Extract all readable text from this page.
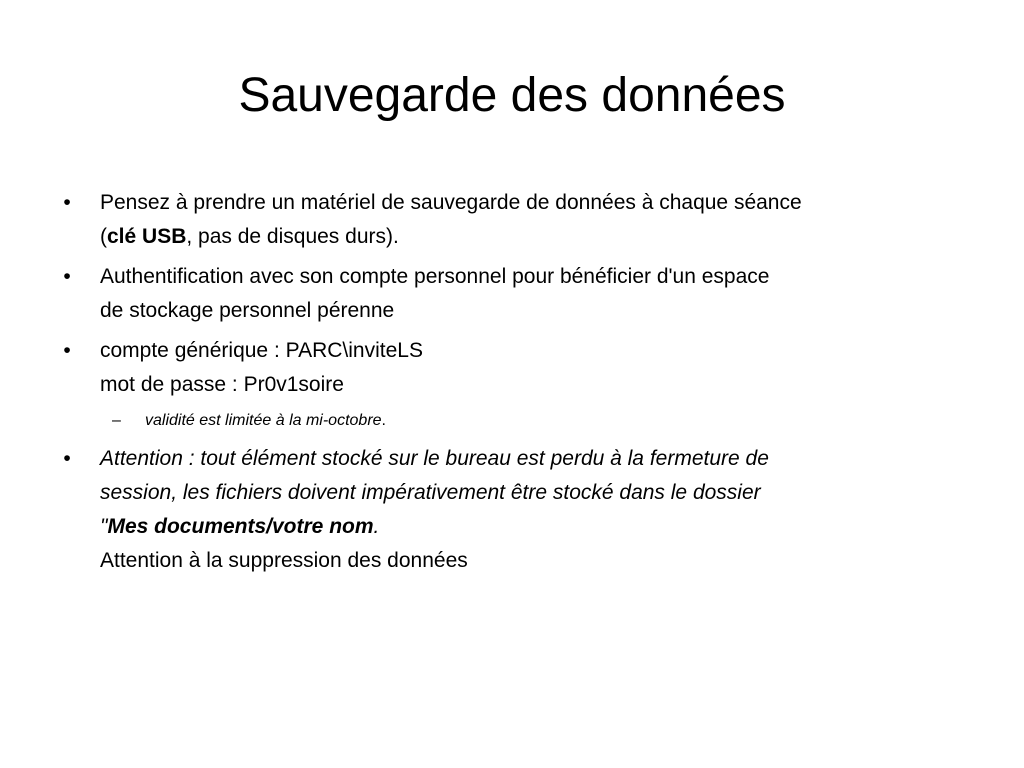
Sauvegarde des données
• Pensez à prendre un matériel de sauvegarde de données à chaque séance
(clé USB, pas de disques durs).
• Authentification avec son compte personnel pour bénéficier d'un espace
de stockage personnel pérenne
• compte générique : PARC\inviteLS
mot de passe : Pr0v1soire
– validité est limitée à la mi-octobre.
• Attention : tout élément stocké sur le bureau est perdu à la fermeture de
session, les fichiers doivent impérativement être stocké dans le dossier
"Mes documents/votre nom.
Attention à la suppression des données
